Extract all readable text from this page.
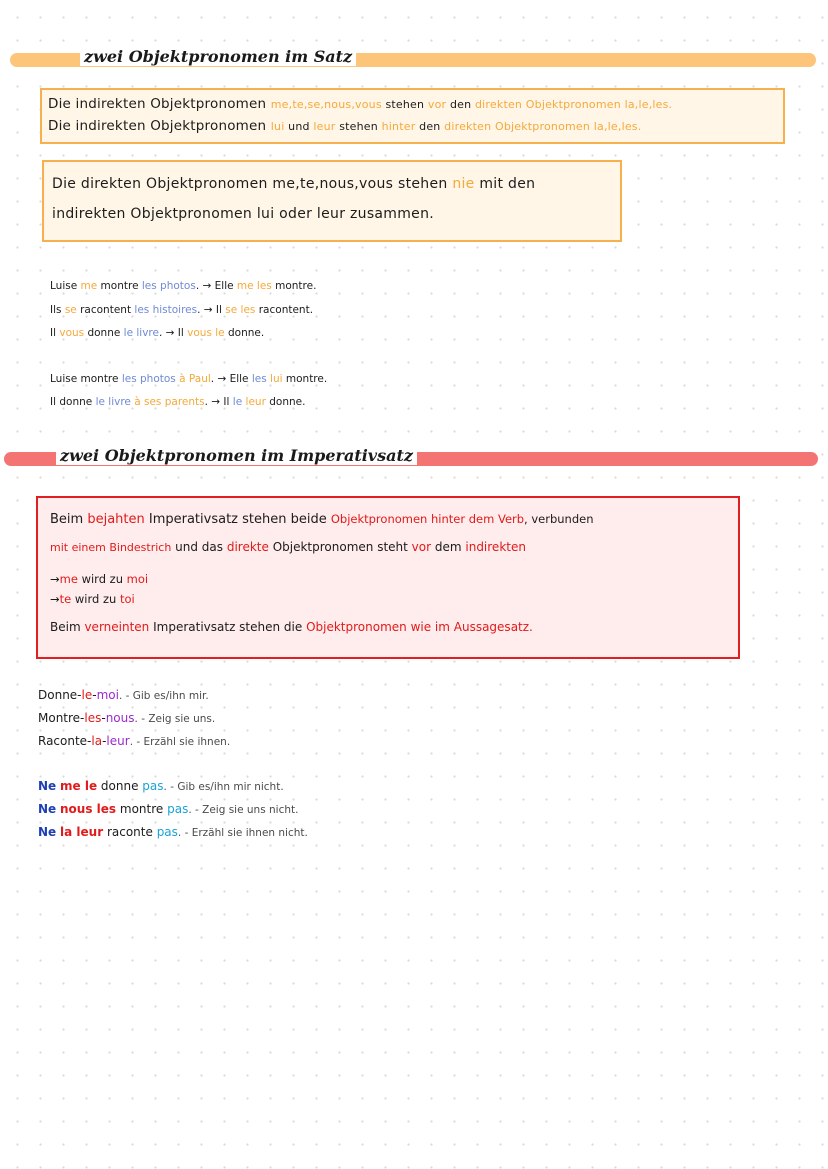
zwei Objektpronomen im Satz
Die indirekten Objektpronomen me,te,se,nous,vous stehen vor den direkten Objektpronomen la,le,les.
Die indirekten Objektpronomen lui und leur stehen hinter den direkten Objektpronomen la,le,les.
Die direkten Objektpronomen me,te,nous,vous stehen nie mit den
indirekten Objektpronomen lui oder leur zusammen.
Luise me montre les photos. → Elle me les montre.
Ils se racontent les histoires. → Il se les racontent.
Il vous donne le livre. → Il vous le donne.
Luise montre les photos à Paul. → Elle les lui montre.
Il donne le livre à ses parents. → Il le leur donne.
zwei Objektpronomen im Imperativsatz
Beim bejahten Imperativsatz stehen beide Objektpronomen hinter dem Verb, verbunden
mit einem Bindestrich und das direkte Objektpronomen steht vor dem indirekten
→me wird zu moi
→te wird zu toi
Beim verneinten Imperativsatz stehen die Objektpronomen wie im Aussagesatz.
Donne-le-moi. - Gib es/ihn mir.
Montre-les-nous. - Zeig sie uns.
Raconte-la-leur. - Erzähl sie ihnen.
Ne me le donne pas. - Gib es/ihn mir nicht.
Ne nous les montre pas. - Zeig sie uns nicht.
Ne la leur raconte pas. - Erzähl sie ihnen nicht.
